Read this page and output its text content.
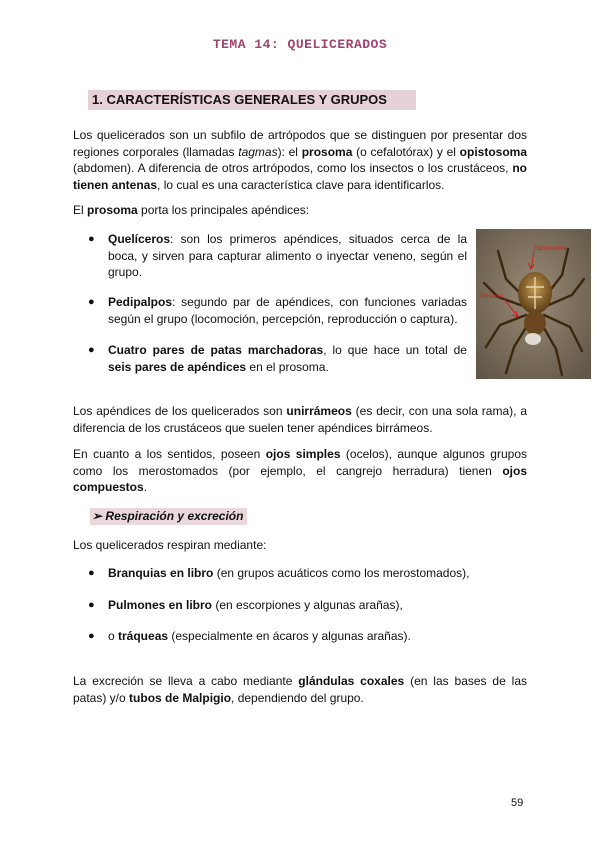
TEMA 14: QUELICERADOS
1. CARACTERÍSTICAS GENERALES Y GRUPOS

Los quelicerados son un subfilo de artrópodos que se distinguen por presentar dos regiones corporales (llamadas tagmas): el prosoma (o cefalotórax) y el opistosoma (abdomen). A diferencia de otros artrópodos, como los insectos o los crustáceos, no tienen antenas, lo cual es una característica clave para identificarlos.

El prosoma porta los principales apéndices:

● Quelíceros: son los primeros apéndices, situados cerca de la boca, y sirven para capturar alimento o inyectar veneno, según el grupo.
● Pedipalpos: segundo par de apéndices, con funciones variadas según el grupo (locomoción, percepción, reproducción o captura).
● Cuatro pares de patas marchadoras, lo que hace un total de seis pares de apéndices en el prosoma.
Opistosoma
Prosoma

Los apéndices de los quelicerados son unirrámeos (es decir, con una sola rama), a diferencia de los crustáceos que suelen tener apéndices birrámeos.

En cuanto a los sentidos, poseen ojos simples (ocelos), aunque algunos grupos como los merostomados (por ejemplo, el cangrejo herradura) tienen ojos compuestos.

➢ Respiración y excreción

Los quelicerados respiran mediante:

● Branquias en libro (en grupos acuáticos como los merostomados),
● Pulmones en libro (en escorpiones y algunas arañas),
● o tráqueas (especialmente en ácaros y algunas arañas).

La excreción se lleva a cabo mediante glándulas coxales (en las bases de las patas) y/o tubos de Malpigio, dependiendo del grupo.

59
